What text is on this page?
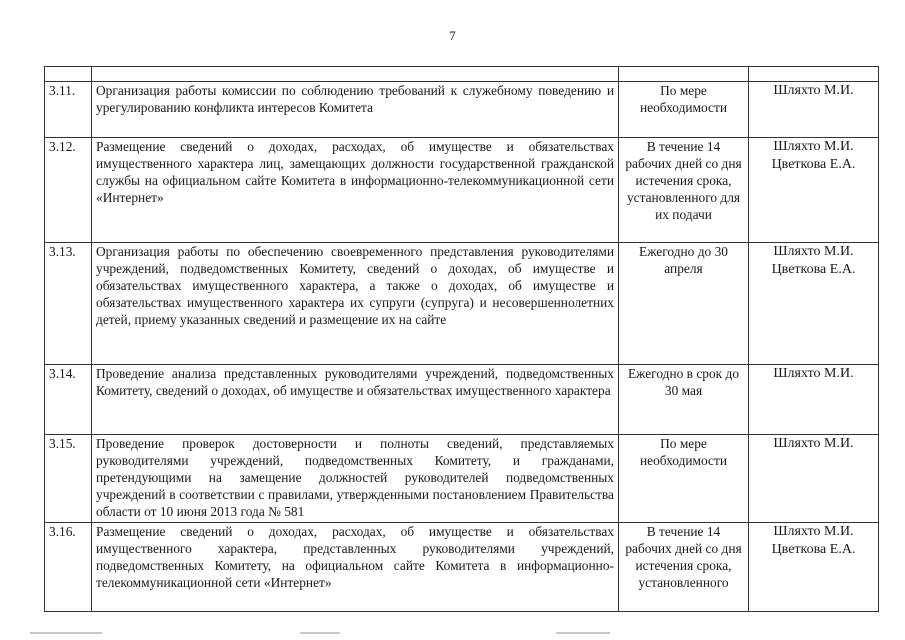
7

3.11.	Организация работы комиссии по соблюдению требований к служебному поведению и урегулированию конфликта интересов Комитета	По мере необходимости	Шляхто М.И.

3.12.	Размещение сведений о доходах, расходах, об имуществе и обязательствах имущественного характера лиц, замещающих должности государственной гражданской службы на официальном сайте Комитета в информационно-телекоммуникационной сети «Интернет»	В течение 14 рабочих дней со дня истечения срока, установленного для их подачи	Шляхто М.И.
Цветкова Е.А.

3.13.	Организация работы по обеспечению своевременного представления руководителями учреждений, подведомственных Комитету, сведений о доходах, об имуществе и обязательствах имущественного характера, а также о доходах, об имуществе и обязательствах имущественного характера их супруги (супруга) и несовершеннолетних детей, приему указанных сведений и размещение их на сайте	Ежегодно до 30 апреля	Шляхто М.И.
Цветкова Е.А.

3.14.	Проведение анализа представленных руководителями учреждений, подведомственных Комитету, сведений о доходах, об имуществе и обязательствах имущественного характера	Ежегодно в срок до 30 мая	Шляхто М.И.

3.15.	Проведение проверок достоверности и полноты сведений, представляемых руководителями учреждений, подведомственных Комитету, и гражданами, претендующими на замещение должностей руководителей подведомственных учреждений в соответствии с правилами, утвержденными постановлением Правительства области от 10 июня 2013 года № 581	По мере необходимости	Шляхто М.И.

3.16.	Размещение сведений о доходах, расходах, об имуществе и обязательствах имущественного характера, представленных руководителями учреждений, подведомственных Комитету, на официальном сайте Комитета в информационно-телекоммуникационной сети «Интернет»	В течение 14 рабочих дней со дня истечения срока, установленного	Шляхто М.И.
Цветкова Е.А.
